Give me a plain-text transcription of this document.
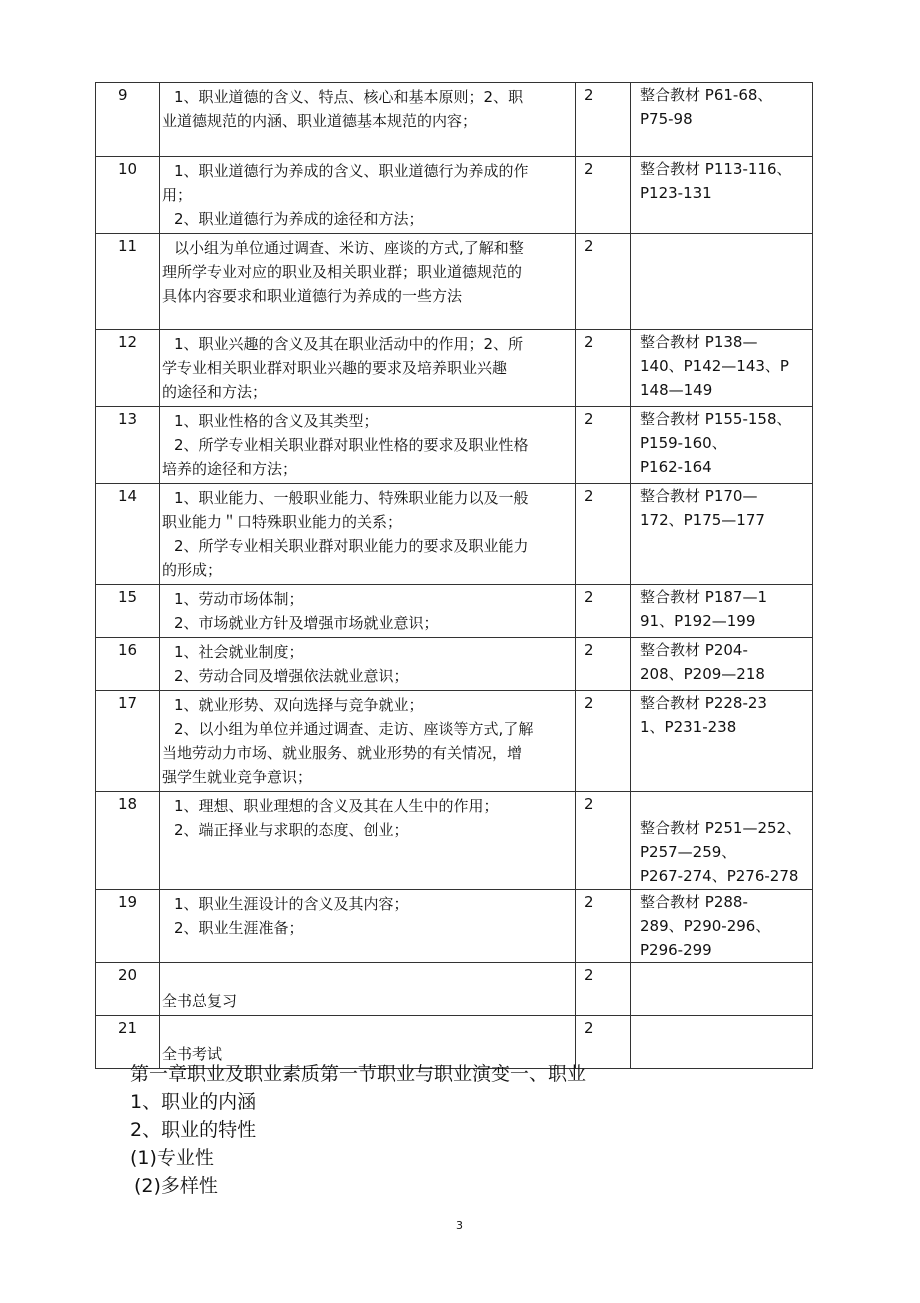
9	1、职业道德的含义、特点、核心和基本原则；2、职
业道德规范的内涵、职业道德基本规范的内容；	2	整合教材 P61-68、
P75-98
10	1、职业道德行为养成的含义、职业道德行为养成的作
用；
2、职业道德行为养成的途径和方法；	2	整合教材 P113-116、
P123-131
11	以小组为单位通过调查、米访、座谈的方式,了解和整
理所学专业对应的职业及相关职业群；职业道德规范的
具体内容要求和职业道德行为养成的一些方法	2	
12	1、职业兴趣的含义及其在职业活动中的作用；2、所
学专业相关职业群对职业兴趣的要求及培养职业兴趣
的途径和方法；	2	整合教材 P138—
140、P142—143、P
148—149
13	1、职业性格的含义及其类型；
2、所学专业相关职业群对职业性格的要求及职业性格
培养的途径和方法；	2	整合教材 P155-158、
P159-160、
P162-164
14	1、职业能力、一般职业能力、特殊职业能力以及一般
职业能力＂口特殊职业能力的关系；
2、所学专业相关职业群对职业能力的要求及职业能力
的形成；	2	整合教材 P170—
172、P175—177
15	1、劳动市场体制；
2、市场就业方针及增强市场就业意识；	2	整合教材 P187—1
91、P192—199
16	1、社会就业制度；
2、劳动合同及增强依法就业意识；	2	整合教材 P204-
208、P209—218
17	1、就业形势、双向选择与竞争就业；
2、以小组为单位并通过调查、走访、座谈等方式,了解
当地劳动力市场、就业服务、就业形势的有关情况，增
强学生就业竞争意识；	2	整合教材 P228-23
1、P231-238
18	1、理想、职业理想的含义及其在人生中的作用；
2、端正择业与求职的态度、创业；	2	
整合教材 P251—252、
P257—259、
P267-274、P276-278
19	1、职业生涯设计的含义及其内容；
2、职业生涯准备；	2	整合教材 P288-
289、P290-296、
P296-299
20	全书总复习	2	
21	全书考试	2	
第一章职业及职业素质第一节职业与职业演变一、职业
1、职业的内涵
2、职业的特性
(1)专业性
(2)多样性
3
